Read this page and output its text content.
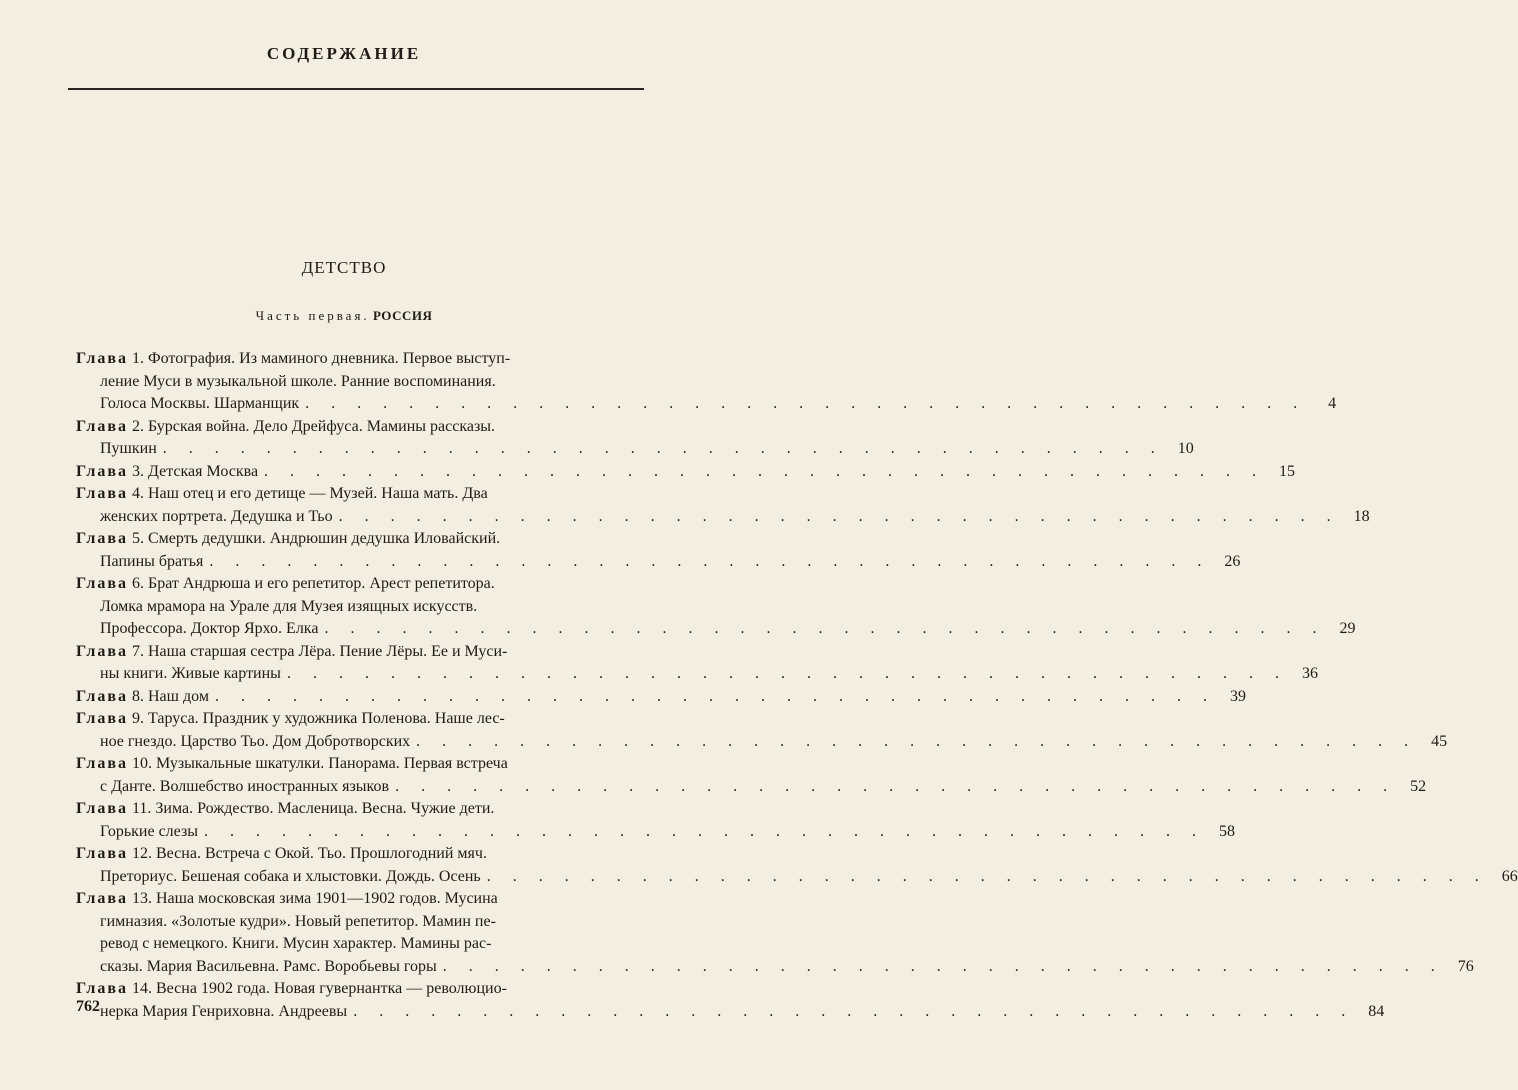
СОДЕРЖАНИЕ
ДЕТСТВО
Часть первая. РОССИЯ
Глава 1. Фотография. Из маминого дневника. Первое выступ-
ление Муси в музыкальной школе. Ранние воспоминания.
Голоса Москвы. Шарманщик . . . . . . . . . . . . . . . . . . . . . . . . . . . . . . . . . . . . . . .	4
Глава 2. Бурская война. Дело Дрейфуса. Мамины рассказы.
Пушкин . . . . . . . . . . . . . . . . . . . . . . . . . . . . . . . . . . . . . . . 10
Глава 3. Детская Москва . . . . . . . . . . . . . . . . . . . . . . . . . . . . . . . . . . . . . . . 15
Глава 4. Наш отец и его детище — Музей. Наша мать. Два
женских портрета. Дедушка и Тьо . . . . . . . . . . . . . . . . . . . . . . . . . . . . . . . . . . . . . . . 18
Глава 5. Смерть дедушки. Андрюшин дедушка Иловайский.
Папины братья . . . . . . . . . . . . . . . . . . . . . . . . . . . . . . . . . . . . . . . 26
Глава 6. Брат Андрюша и его репетитор. Арест репетитора.
Ломка мрамора на Урале для Музея изящных искусств.
Профессора. Доктор Ярхо. Елка . . . . . . . . . . . . . . . . . . . . . . . . . . . . . . . . . . . . . . . 29
Глава 7. Наша старшая сестра Лёра. Пение Лёры. Ее и Муси-
ны книги. Живые картины . . . . . . . . . . . . . . . . . . . . . . . . . . . . . . . . . . . . . . . 36
Глава 8. Наш дом . . . . . . . . . . . . . . . . . . . . . . . . . . . . . . . . . . . . . . . 39
Глава 9. Таруса. Праздник у художника Поленова. Наше лес-
ное гнездо. Царство Тьо. Дом Добротворских . . . . . . . . . . . . . . . . . . . . . . . . . . . . . . . . . . . . . . . 45
Глава 10. Музыкальные шкатулки. Панорама. Первая встреча
с Данте. Волшебство иностранных языков . . . . . . . . . . . . . . . . . . . . . . . . . . . . . . . . . . . . . . . 52
Глава 11. Зима. Рождество. Масленица. Весна. Чужие дети.
Горькие слезы . . . . . . . . . . . . . . . . . . . . . . . . . . . . . . . . . . . . . . . 58
Глава 12. Весна. Встреча с Окой. Тьо. Прошлогодний мяч.
Преториус. Бешеная собака и хлыстовки. Дождь. Осень . . . . . . . . . . . . . . . . . . . . . . . . . . . . . . . . . . . . . . . 66
Глава 13. Наша московская зима 1901—1902 годов. Мусина
гимназия. «Золотые кудри». Новый репетитор. Мамин пе-
ревод с немецкого. Книги. Мусин характер. Мамины рас-
сказы. Мария Васильевна. Рамс. Воробьевы горы . . . . . . . . . . . . . . . . . . . . . . . . . . . . . . . . . . . . . . . 76
Глава 14. Весна 1902 года. Новая гувернантка — революцио-
нерка Мария Генриховна. Андреевы . . . . . . . . . . . . . . . . . . . . . . . . . . . . . . . . . . . . . . . 84
762
